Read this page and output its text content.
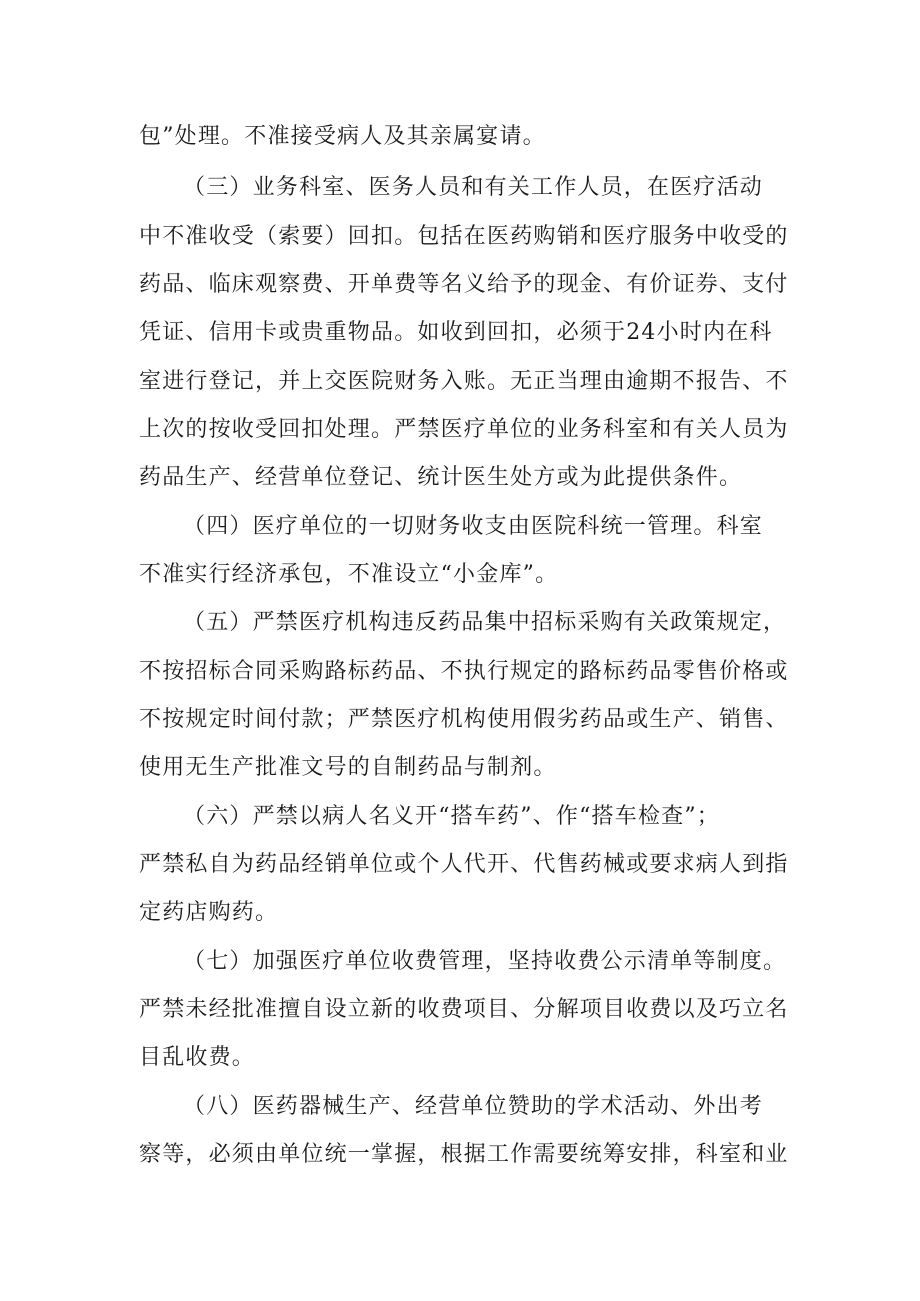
包”处理。不准接受病人及其亲属宴请。
（三）业务科室、医务人员和有关工作人员，在医疗活动
中不准收受（索要）回扣。包括在医药购销和医疗服务中收受的
药品、临床观察费、开单费等名义给予的现金、有价证券、支付
凭证、信用卡或贵重物品。如收到回扣，必须于24小时内在科
室进行登记，并上交医院财务入账。无正当理由逾期不报告、不
上次的按收受回扣处理。严禁医疗单位的业务科室和有关人员为
药品生产、经营单位登记、统计医生处方或为此提供条件。
（四）医疗单位的一切财务收支由医院科统一管理。科室
不准实行经济承包，不准设立“小金库”。
（五）严禁医疗机构违反药品集中招标采购有关政策规定，
不按招标合同采购路标药品、不执行规定的路标药品零售价格或
不按规定时间付款；严禁医疗机构使用假劣药品或生产、销售、
使用无生产批准文号的自制药品与制剂。
（六）严禁以病人名义开“搭车药”、作“搭车检查”；
严禁私自为药品经销单位或个人代开、代售药械或要求病人到指
定药店购药。
（七）加强医疗单位收费管理，坚持收费公示清单等制度。
严禁未经批准擅自设立新的收费项目、分解项目收费以及巧立名
目乱收费。
（八）医药器械生产、经营单位赞助的学术活动、外出考
察等，必须由单位统一掌握，根据工作需要统筹安排，科室和业
